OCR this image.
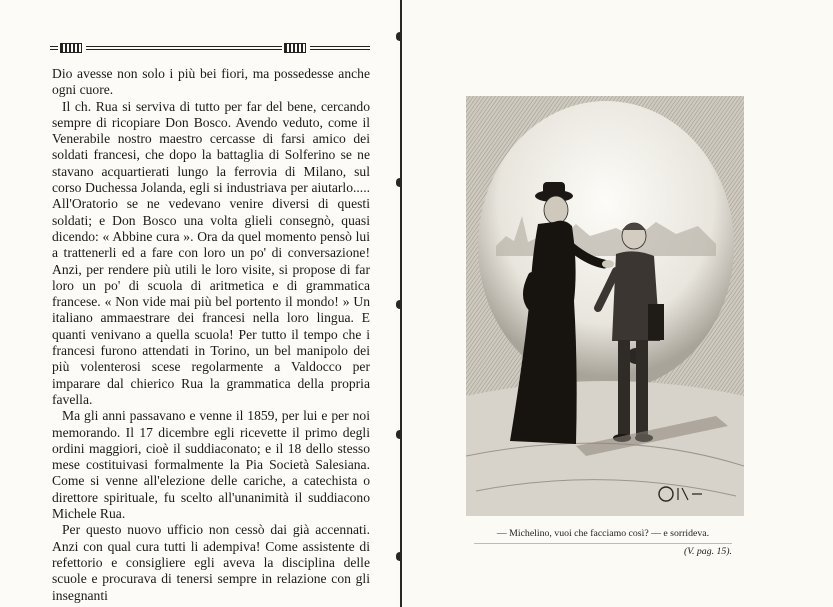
Dio avesse non solo i più bei fiori, ma possedesse anche ogni cuore.

Il ch. Rua si serviva di tutto per far del bene, cercando sempre di ricopiare Don Bosco. Avendo veduto, come il Venerabile nostro maestro cercasse di farsi amico dei soldati francesi, che dopo la battaglia di Solferino se ne stavano acquartierati lungo la ferrovia di Milano, sul corso Duchessa Jolanda, egli si industriava per aiutarlo..... All'Oratorio se ne vedevano venire diversi di questi soldati; e Don Bosco una volta glieli consegnò, quasi dicendo: « Abbine cura ». Ora da quel momento pensò lui a trattenerli ed a fare con loro un po' di conversazione! Anzi, per rendere più utili le loro visite, si propose di far loro un po' di scuola di aritmetica e di grammatica francese. « Non vide mai più bel portento il mondo! » Un italiano ammaestrare dei francesi nella loro lingua. E quanti venivano a quella scuola! Per tutto il tempo che i francesi furono attendati in Torino, un bel manipolo dei più volenterosi scese regolarmente a Valdocco per imparare dal chierico Rua la grammatica della propria favella.

Ma gli anni passavano e venne il 1859, per lui e per noi memorando. Il 17 dicembre egli ricevette il primo degli ordini maggiori, cioè il suddiaconato; e il 18 dello stesso mese costituivasi formalmente la Pia Società Salesiana. Come si venne all'elezione delle cariche, a catechista o direttore spirituale, fu scelto all'unanimità il suddiacono Michele Rua.

Per questo nuovo ufficio non cessò dai già accennati. Anzi con qual cura tutti li adempiva! Come assistente di refettorio e consigliere egli aveva la disciplina delle scuole e procurava di tenersi sempre in relazione con gli insegnanti

— Michelino, vuoi che facciamo così? — e sorrideva.
(V. pag. 15).
